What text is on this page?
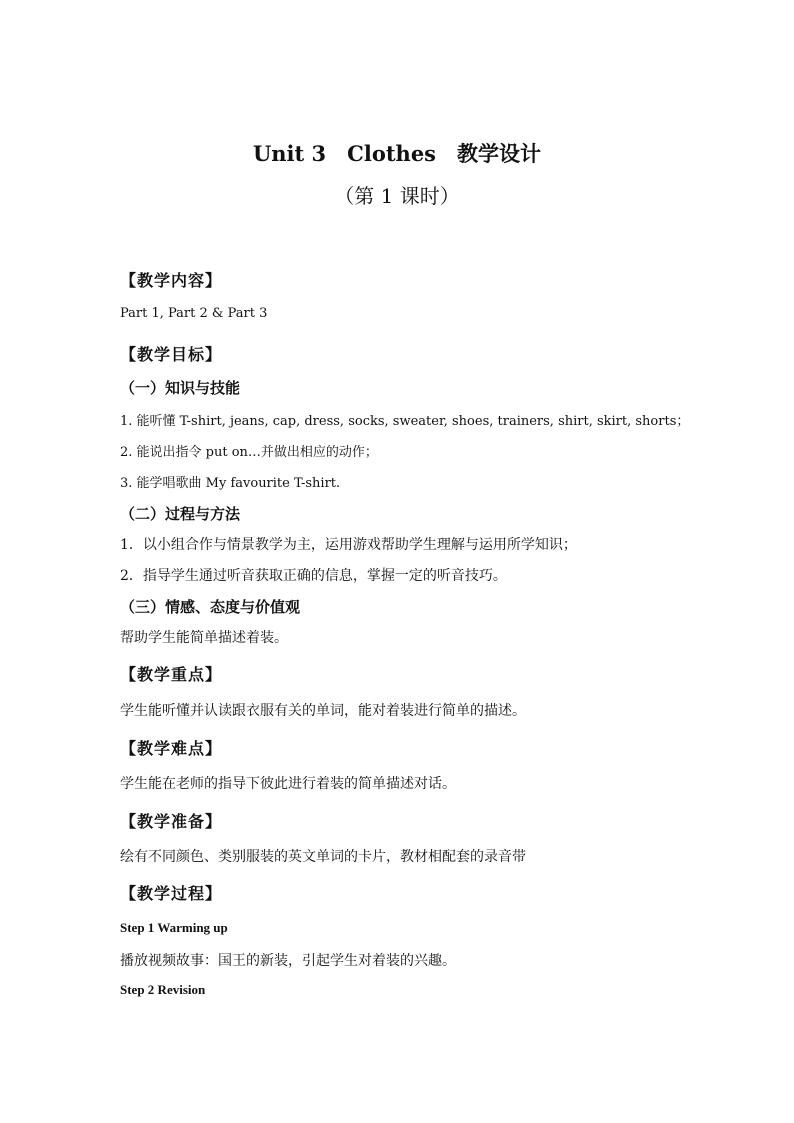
Unit 3　Clothes　教学设计
（第 1 课时）
【教学内容】
Part 1, Part 2 & Part 3
【教学目标】
（一）知识与技能
1. 能听懂 T-shirt, jeans, cap, dress, socks, sweater, shoes, trainers, shirt, skirt, shorts；
2. 能说出指令 put on…并做出相应的动作；
3. 能学唱歌曲 My favourite T-shirt.
（二）过程与方法
1．以小组合作与情景教学为主，运用游戏帮助学生理解与运用所学知识；
2．指导学生通过听音获取正确的信息，掌握一定的听音技巧。
（三）情感、态度与价值观
帮助学生能简单描述着装。
【教学重点】
学生能听懂并认读跟衣服有关的单词，能对着装进行简单的描述。
【教学难点】
学生能在老师的指导下彼此进行着装的简单描述对话。
【教学准备】
绘有不同颜色、类别服装的英文单词的卡片，教材相配套的录音带
【教学过程】
Step 1 Warming up
播放视频故事：国王的新装，引起学生对着装的兴趣。
Step 2 Revision
